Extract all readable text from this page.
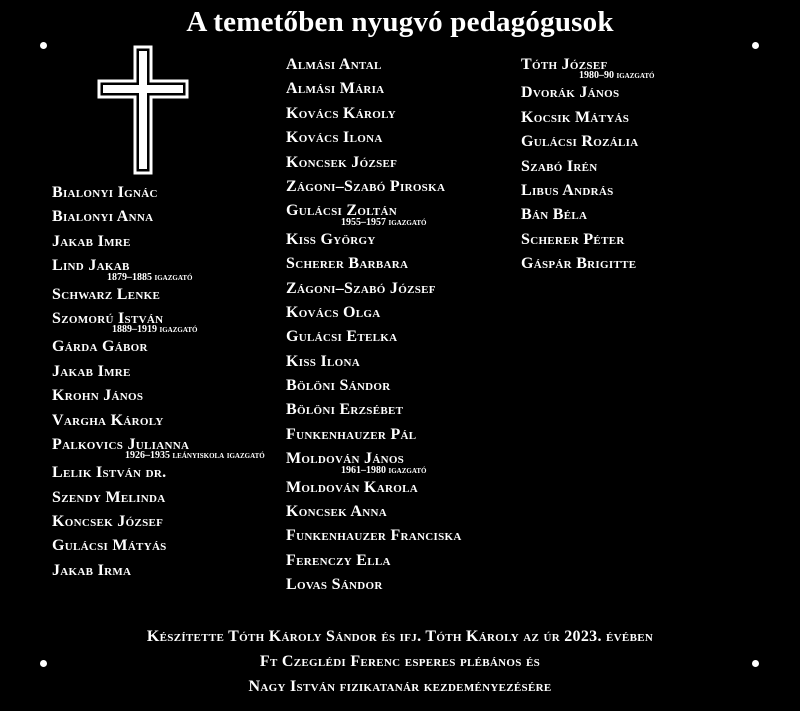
A temetőben nyugvó pedagógusok
Bialonyi Ignác
Bialonyi Anna
Jakab Imre
Lind Jakab
1879–1885 igazgató
Schwarz Lenke
Szomorú István
1889–1919 igazgató
Gárda Gábor
Jakab Imre
Krohn János
Vargha Károly
Palkovics Julianna
1926–1935 leányiskola igazgató
Lelik István dr.
Szendy Melinda
Koncsek József
Gulácsi Mátyás
Jakab Irma
Almási Antal
Almási Mária
Kovács Károly
Kovács Ilona
Koncsek József
Zágoni–Szabó Piroska
Gulácsi Zoltán
1955–1957 igazgató
Kiss György
Scherer Barbara
Zágoni–Szabó József
Kovács Olga
Gulácsi Etelka
Kiss Ilona
Bölöni Sándor
Bölöni Erzsébet
Funkenhauzer Pál
Moldován János
1961–1980 igazgató
Moldován Karola
Koncsek Anna
Funkenhauzer Franciska
Ferenczy Ella
Lovas Sándor
Tóth József
1980–90 igazgató
Dvorák János
Kocsik Mátyás
Gulácsi Rozália
Szabó Irén
Libus András
Bán Béla
Scherer Péter
Gáspár Brigitte
Készítette Tóth Károly Sándor és ifj. Tóth Károly az úr 2023. évében
Ft Czeglédi Ferenc esperes plébános és
Nagy István fizikatanár kezdeményezésére
